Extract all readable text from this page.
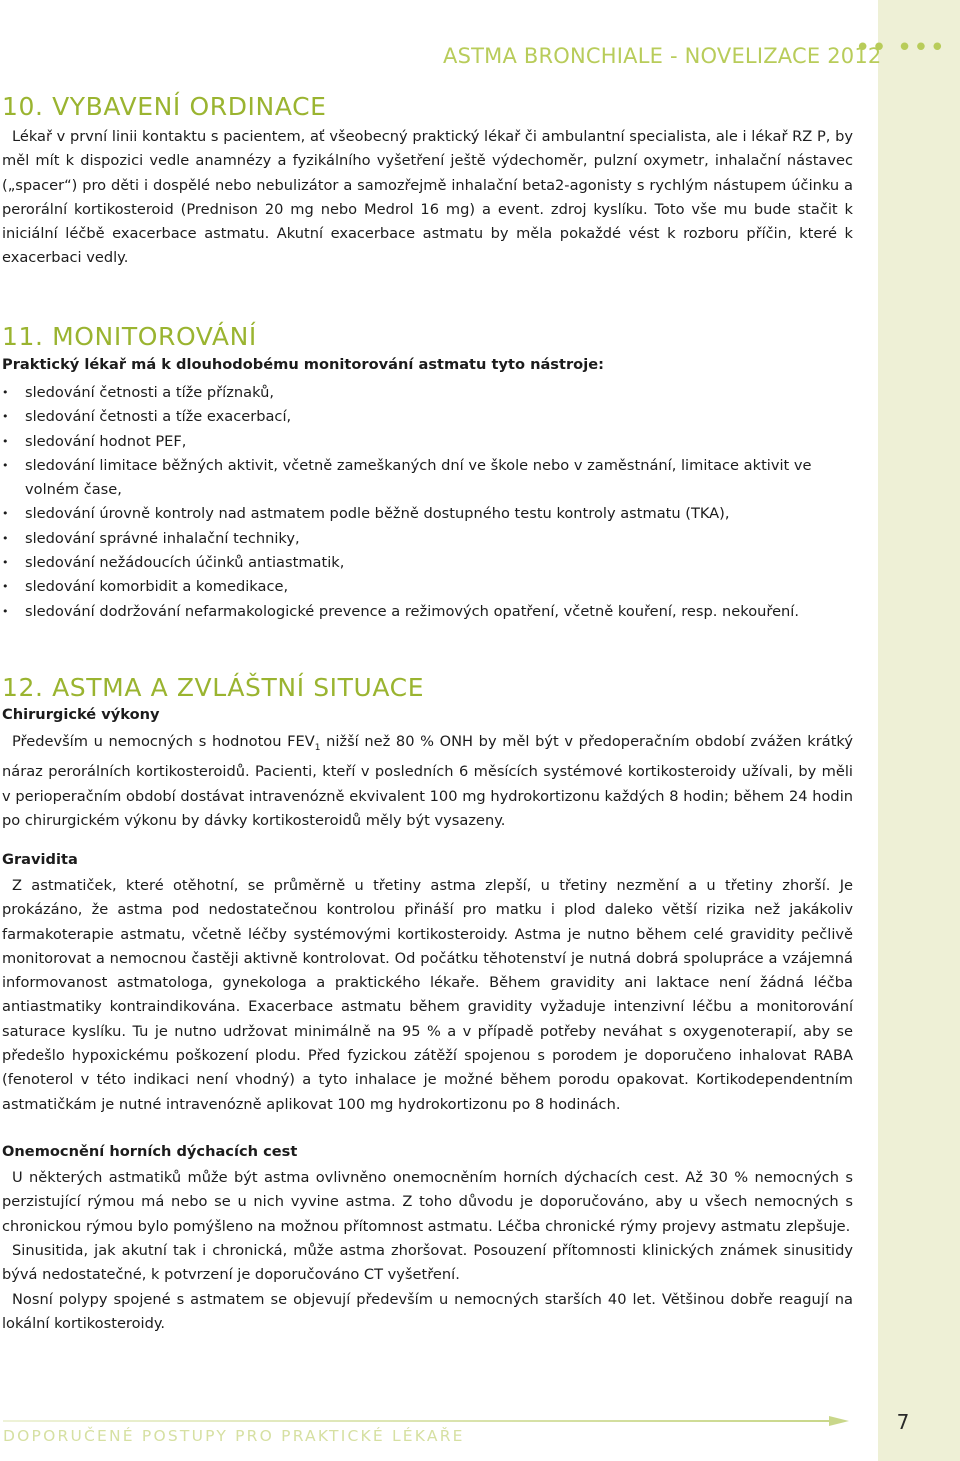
ASTMA BRONCHIALE - NOVELIZACE 2012
•• •••
10. VYBAVENÍ ORDINACE

Lékař v první linii kontaktu s pacientem, ať všeobecný praktický lékař či ambulantní specialista, ale i lékař RZ P, by měl mít k dispozici vedle anamnézy a fyzikálního vyšetření ještě výdechoměr, pulzní oxymetr, inhalační nástavec („spacer“) pro děti i dospělé nebo nebulizátor a samozřejmě inhalační beta2-agonisty s rychlým nástupem účinku a perorální kortikosteroid (Prednison 20 mg nebo Medrol 16 mg) a event. zdroj kyslíku. Toto vše mu bude stačit k iniciální léčbě exacerbace astmatu. Akutní exacerbace astmatu by měla pokaždé vést k rozboru příčin, které k exacerbaci vedly.

11. MONITOROVÁNÍ
Praktický lékař má k dlouhodobému monitorování astmatu tyto nástroje:
• sledování četnosti a tíže příznaků,
• sledování četnosti a tíže exacerbací,
• sledování hodnot PEF,
• sledování limitace běžných aktivit, včetně zameškaných dní ve škole nebo v zaměstnání, limitace aktivit ve volném čase,
• sledování úrovně kontroly nad astmatem podle běžně dostupného testu kontroly astmatu (TKA),
• sledování správné inhalační techniky,
• sledování nežádoucích účinků antiastmatik,
• sledování komorbidit a komedikace,
• sledování dodržování nefarmakologické prevence a režimových opatření, včetně kouření, resp. nekouření.
12. ASTMA A ZVLÁŠTNÍ SITUACE
Chirurgické výkony

Především u nemocných s hodnotou $FEV_1$ nižší než 80 % ONH by měl být v předoperačním období zvážen krátký náraz perorálních kortikosteroidů. Pacienti, kteří v posledních 6 měsících systémové kortikosteroidy užívali, by měli v perioperačním období dostávat intravenózně ekvivalent 100 mg hydrokortizonu každých 8 hodin; během 24 hodin po chirurgickém výkonu by dávky kortikosteroidů měly být vysazeny.

Gravidita

Z astmatiček, které otěhotní, se průměrně u třetiny astma zlepší, u třetiny nezmění a u třetiny zhorší. Je prokázáno, že astma pod nedostatečnou kontrolou přináší pro matku i plod daleko větší rizika než jakákoliv farmakoterapie astmatu, včetně léčby systémovými kortikosteroidy. Astma je nutno během celé gravidity pečlivě monitorovat a nemocnou častěji aktivně kontrolovat. Od počátku těhotenství je nutná dobrá spolupráce a vzájemná informovanost astmatologa, gynekologa a praktického lékaře. Během gravidity ani laktace není žádná léčba antiastmatiky kontraindikována. Exacerbace astmatu během gravidity vyžaduje intenzivní léčbu a monitorování saturace kyslíku. Tu je nutno udržovat minimálně na 95 % a v případě potřeby neváhat s oxygenoterapií, aby se předešlo hypoxickému poškození plodu. Před fyzickou zátěží spojenou s porodem je doporučeno inhalovat RABA (fenoterol v této indikaci není vhodný) a tyto inhalace je možné během porodu opakovat. Kortikodependentním astmatičkám je nutné intravenózně aplikovat 100 mg hydrokortizonu po 8 hodinách.

Onemocnění horních dýchacích cest

U některých astmatiků může být astma ovlivněno onemocněním horních dýchacích cest. Až 30 % nemocných s perzistující rýmou má nebo se u nich vyvine astma. Z toho důvodu je doporučováno, aby u všech nemocných s chronickou rýmou bylo pomýšleno na možnou přítomnost astmatu. Léčba chronické rýmy projevy astmatu zlepšuje.

Sinusitida, jak akutní tak i chronická, může astma zhoršovat. Posouzení přítomnosti klinických známek sinusitidy bývá nedostatečné, k potvrzení je doporučováno CT vyšetření.

Nosní polypy spojené s astmatem se objevují především u nemocných starších 40 let. Většinou dobře reagují na lokální kortikosteroidy.

DOPORUČENÉ POSTUPY PRO PRAKTICKÉ LÉKAŘE
7
